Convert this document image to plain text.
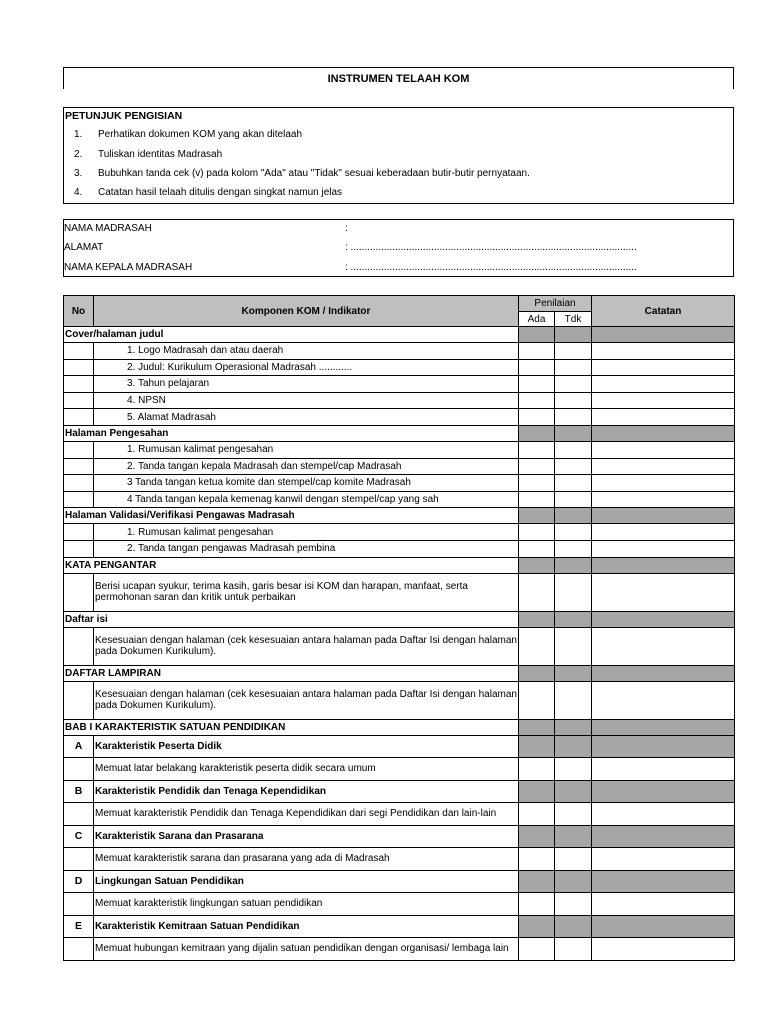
INSTRUMEN TELAAH KOM
PETUNJUK PENGISIAN
1. Perhatikan dokumen KOM yang akan ditelaah
2. Tuliskan identitas Madrasah
3. Bubuhkan tanda cek (v) pada kolom "Ada" atau "Tidak" sesuai keberadaan butir-butir pernyataan.
4. Catatan hasil telaah ditulis dengan singkat namun jelas
NAMA MADRASAH	:
ALAMAT	: .......................................................................................................
NAMA KEPALA MADRASAH	: .......................................................................................................
No	Komponen KOM / Indikator	Penilaian		Catatan
		Ada	Tdk	
Cover/halaman judul				
	1. Logo Madrasah dan atau daerah			
	2. Judul: Kurikulum Operasional Madrasah ............			
	3. Tahun pelajaran			
	4. NPSN			
	5. Alamat Madrasah			
Halaman Pengesahan				
	1. Rumusan kalimat pengesahan			
	2. Tanda tangan kepala Madrasah dan stempel/cap Madrasah			
	3 Tanda tangan ketua komite dan stempel/cap komite Madrasah			
	4 Tanda tangan kepala kemenag kanwil dengan stempel/cap yang sah			
Halaman Validasi/Verifikasi Pengawas Madrasah				
	1. Rumusan kalimat pengesahan			
	2. Tanda tangan pengawas Madrasah pembina			
KATA PENGANTAR				
	Berisi ucapan syukur, terima kasih, garis besar isi KOM dan harapan, manfaat, serta permohonan saran dan kritik untuk perbaikan			
Daftar isi				
	Kesesuaian dengan halaman (cek kesesuaian antara halaman pada Daftar Isi dengan halaman pada Dokumen Kurikulum).			
DAFTAR LAMPIRAN				
	Kesesuaian dengan halaman (cek kesesuaian antara halaman pada Daftar Isi dengan halaman pada Dokumen Kurikulum).			
BAB I KARAKTERISTIK SATUAN PENDIDIKAN				
A	Karakteristik Peserta Didik			
	Memuat latar belakang karakteristik peserta didik secara umum			
B	Karakteristik Pendidik dan Tenaga Kependidikan			
	Memuat karakteristik Pendidik dan Tenaga Kependidikan dari segi Pendidikan dan lain-lain			
C	Karakteristik Sarana dan Prasarana			
	Memuat karakteristik sarana dan prasarana yang ada di Madrasah			
D	Lingkungan Satuan Pendidikan			
	Memuat karakteristik lingkungan satuan pendidikan			
E	Karakteristik Kemitraan Satuan Pendidikan			
	Memuat hubungan kemitraan yang dijalin satuan pendidikan dengan organisasi/ lembaga lain			
